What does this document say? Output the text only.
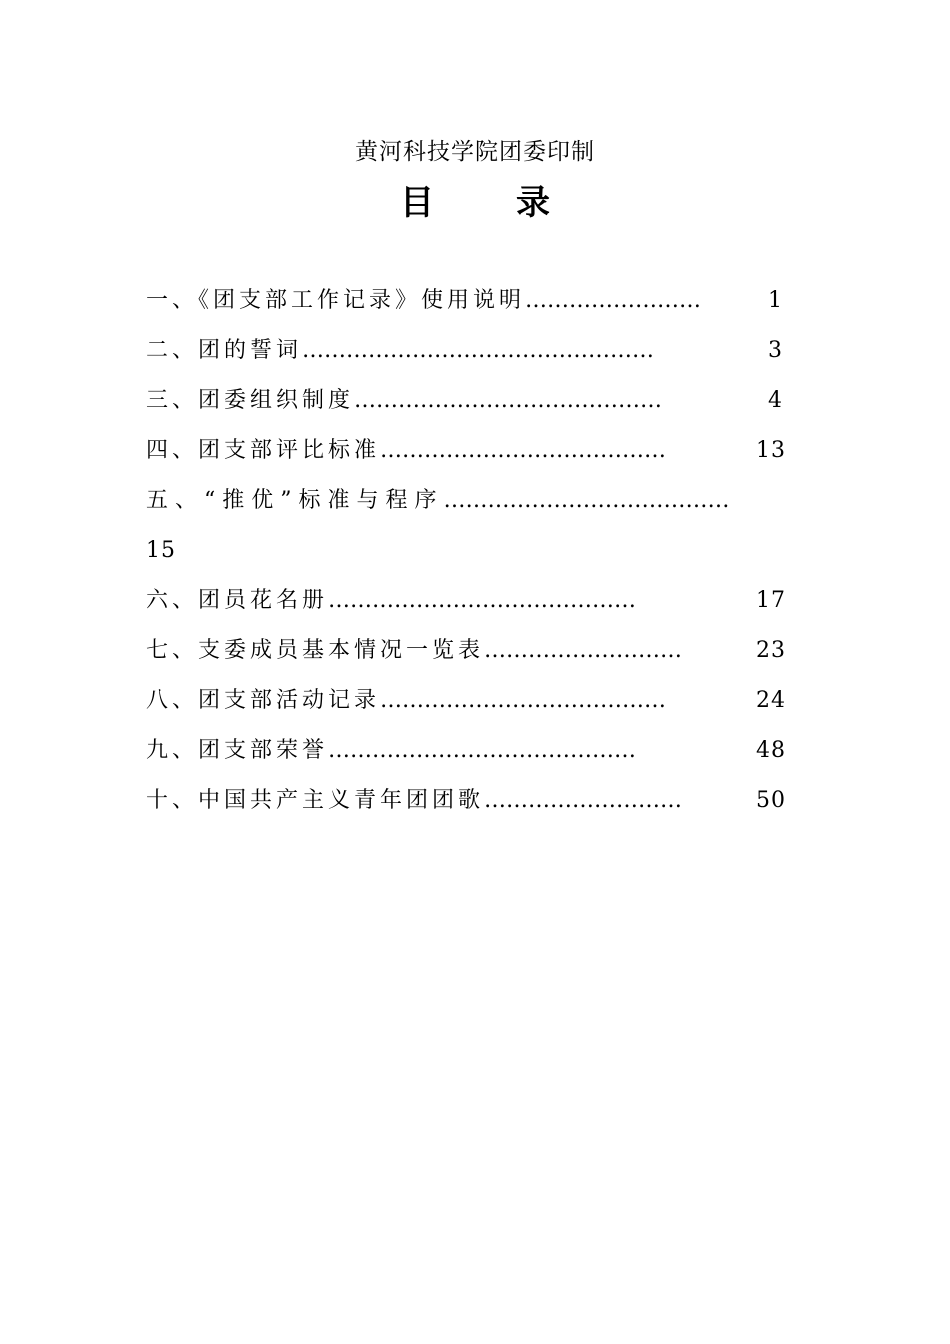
黄河科技学院团委印制
目 录
一、《团支部工作记录》使用说明……………………	1
二、团的誓词…………………………………………	3
三、团委组织制度……………………………………	4
四、团支部评比标准…………………………………	13
五、“推优”标准与程序…………………………………
15
六、团员花名册……………………………………	17
七、支委成员基本情况一览表………………………	23
八、团支部活动记录…………………………………	24
九、团支部荣誉……………………………………	48
十、中国共产主义青年团团歌………………………	50
